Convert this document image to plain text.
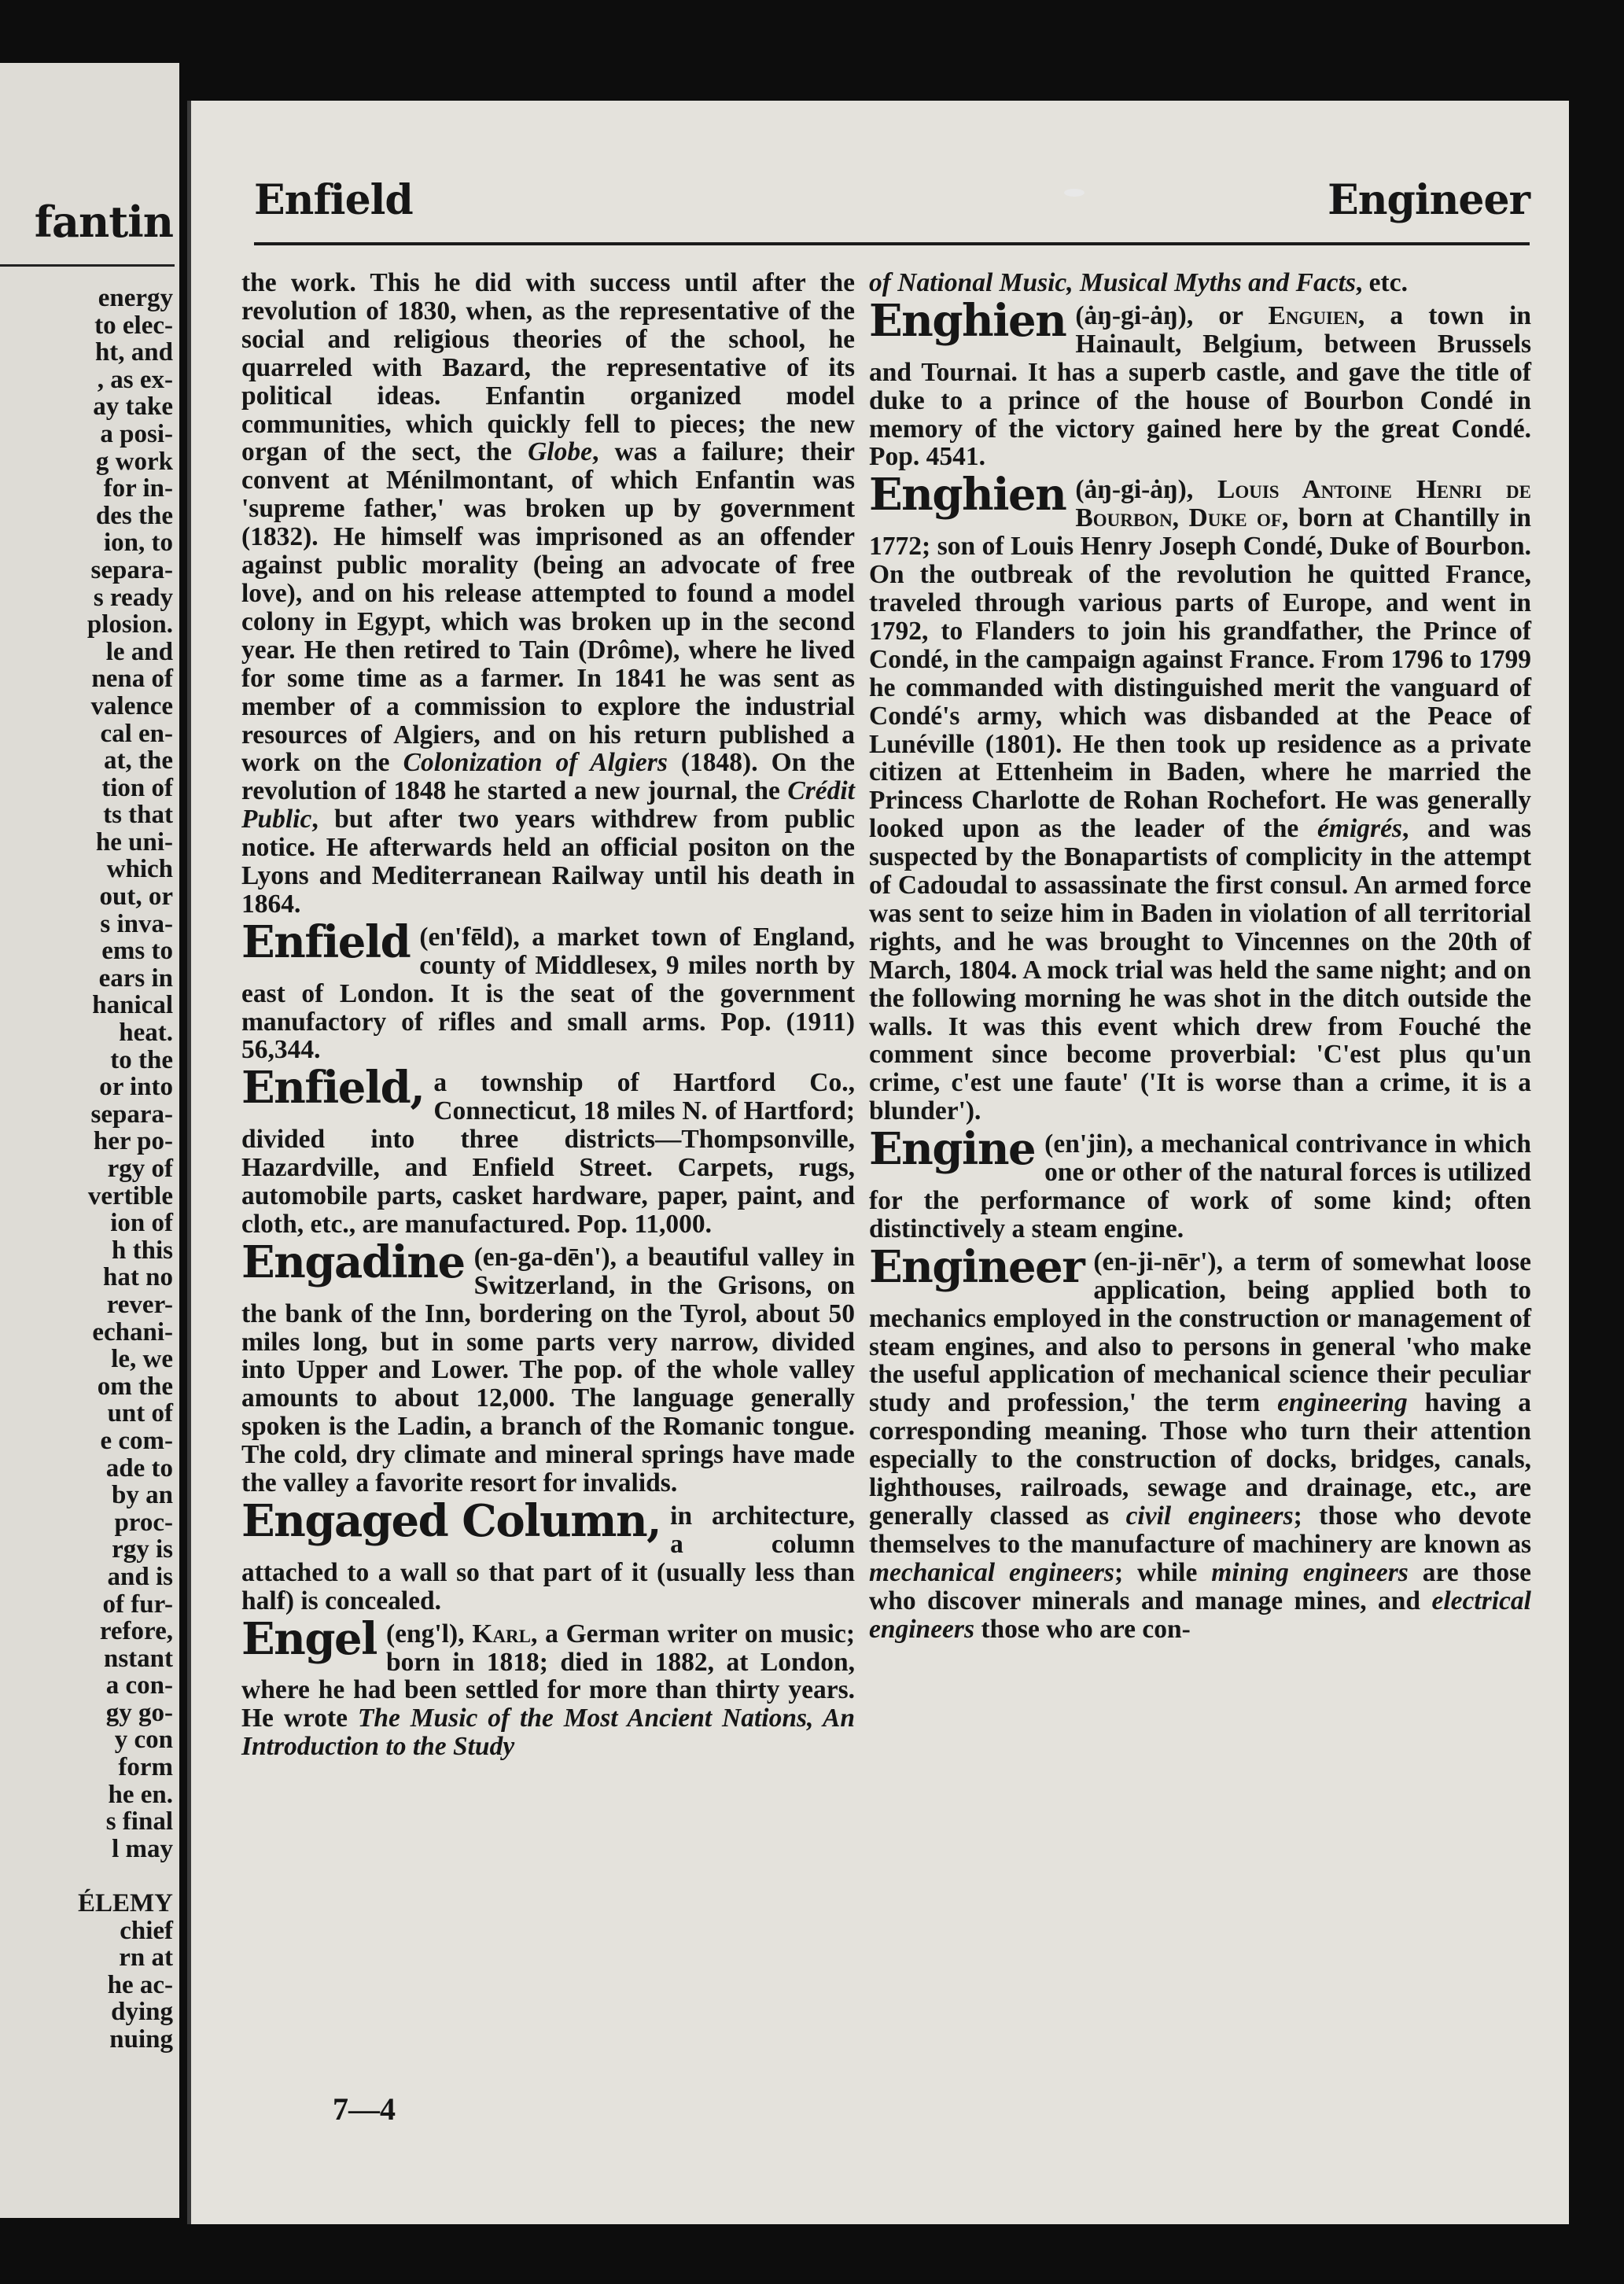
fantin
energy
to elec-
ht, and
, as ex-
ay take
a posi-
g work
for in-
des the
ion, to
separa-
s ready
plosion.
le and
nena of
valence
cal en-
at, the
tion of
ts that
he uni-
which
out, or
s inva-
ems to
ears in
hanical
heat.
to the
or into
separa-
her po-
rgy of
vertible
ion of
h this
hat no
rever-
echani-
le, we
om the
unt of
e com-
ade to
by an
proc-
rgy is
and is
of fur-
refore,
nstant
a con-
gy go-
y con
form
he en.
s final
l may
ÉLEMY
chief
rn at
he ac-
dying
nuing
Enfield	Engineer

the work. This he did with success until after the revolution of 1830, when, as the representative of the social and religious theories of the school, he quarreled with Bazard, the representative of its political ideas. Enfantin organized model communities, which quickly fell to pieces; the new organ of the sect, the Globe, was a failure; their convent at Ménilmontant, of which Enfantin was 'supreme father,' was broken up by government (1832). He himself was imprisoned as an offender against public morality (being an advocate of free love), and on his release attempted to found a model colony in Egypt, which was broken up in the second year. He then retired to Tain (Drôme), where he lived for some time as a farmer. In 1841 he was sent as member of a commission to explore the industrial resources of Algiers, and on his return published a work on the Colonization of Algiers (1848). On the revolution of 1848 he started a new journal, the Crédit Public, but after two years withdrew from public notice. He afterwards held an official positon on the Lyons and Mediterranean Railway until his death in 1864.

Enfield (en'fēld), a market town of England, county of Middlesex, 9 miles north by east of London. It is the seat of the government manufactory of rifles and small arms. Pop. (1911) 56,344.

Enfield, a township of Hartford Co., Connecticut, 18 miles N. of Hartford; divided into three districts—Thompsonville, Hazardville, and Enfield Street. Carpets, rugs, automobile parts, casket hardware, paper, paint, and cloth, etc., are manufactured. Pop. 11,000.

Engadine (en-ga-dēn'), a beautiful valley in Switzerland, in the Grisons, on the bank of the Inn, bordering on the Tyrol, about 50 miles long, but in some parts very narrow, divided into Upper and Lower. The pop. of the whole valley amounts to about 12,000. The language generally spoken is the Ladin, a branch of the Romanic tongue. The cold, dry climate and mineral springs have made the valley a favorite resort for invalids.

Engaged Column, in architecture, a column attached to a wall so that part of it (usually less than half) is concealed.

Engel (eng'l), Karl, a German writer on music; born in 1818; died in 1882, at London, where he had been settled for more than thirty years. He wrote The Music of the Most Ancient Nations, An Introduction to the Study

7—4

of National Music, Musical Myths and Facts, etc.

Enghien (ȧŋ-gi-ȧŋ), or Enguien, a town in Hainault, Belgium, between Brussels and Tournai. It has a superb castle, and gave the title of duke to a prince of the house of Bourbon Condé in memory of the victory gained here by the great Condé. Pop. 4541.

Enghien (ȧŋ-gi-ȧŋ), Louis Antoine Henri de Bourbon, Duke of, born at Chantilly in 1772; son of Louis Henry Joseph Condé, Duke of Bourbon. On the outbreak of the revolution he quitted France, traveled through various parts of Europe, and went in 1792, to Flanders to join his grandfather, the Prince of Condé, in the campaign against France. From 1796 to 1799 he commanded with distinguished merit the vanguard of Condé's army, which was disbanded at the Peace of Lunéville (1801). He then took up residence as a private citizen at Ettenheim in Baden, where he married the Princess Charlotte de Rohan Rochefort. He was generally looked upon as the leader of the émigrés, and was suspected by the Bonapartists of complicity in the attempt of Cadoudal to assassinate the first consul. An armed force was sent to seize him in Baden in violation of all territorial rights, and he was brought to Vincennes on the 20th of March, 1804. A mock trial was held the same night; and on the following morning he was shot in the ditch outside the walls. It was this event which drew from Fouché the comment since become proverbial: 'C'est plus qu'un crime, c'est une faute' ('It is worse than a crime, it is a blunder').

Engine (en'jin), a mechanical contrivance in which one or other of the natural forces is utilized for the performance of work of some kind; often distinctively a steam engine.

Engineer (en-ji-nēr'), a term of somewhat loose application, being applied both to mechanics employed in the construction or management of steam engines, and also to persons in general 'who make the useful application of mechanical science their peculiar study and profession,' the term engineering having a corresponding meaning. Those who turn their attention especially to the construction of docks, bridges, canals, lighthouses, railroads, sewage and drainage, etc., are generally classed as civil engineers; those who devote themselves to the manufacture of machinery are known as mechanical engineers; while mining engineers are those who discover minerals and manage mines, and electrical engineers those who are con-
